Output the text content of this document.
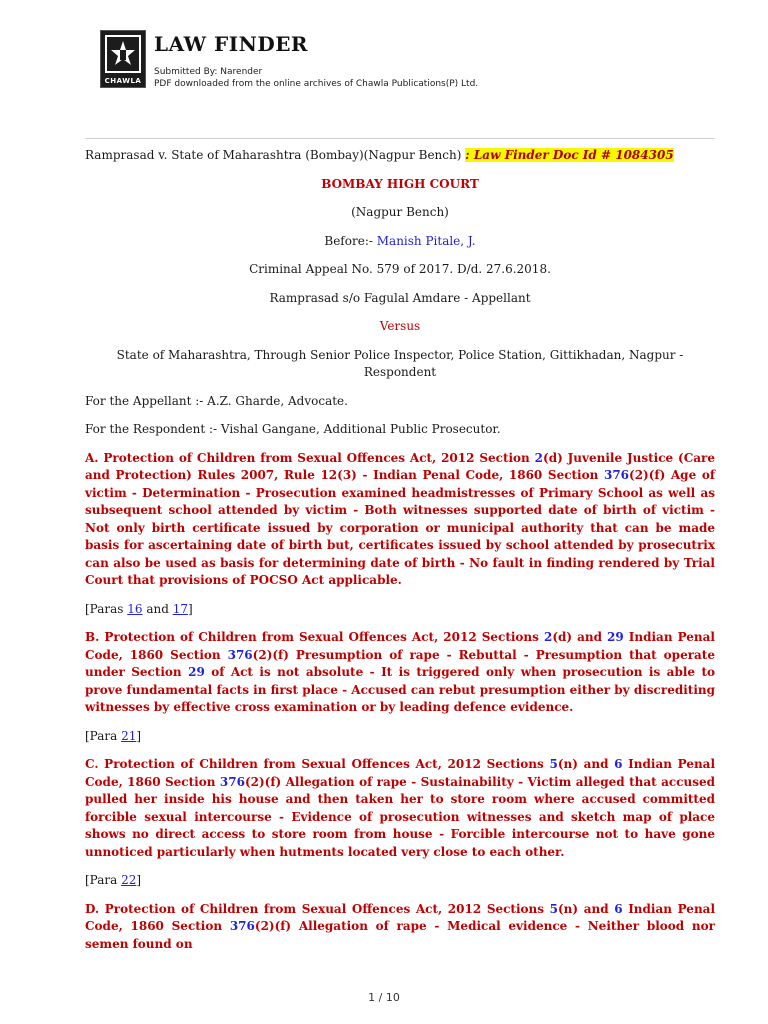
CHAWLA
LAW FINDER
Submitted By: Narender
PDF downloaded from the online archives of Chawla Publications(P) Ltd.

Ramprasad v. State of Maharashtra (Bombay)(Nagpur Bench) : Law Finder Doc Id # 1084305

BOMBAY HIGH COURT

(Nagpur Bench)

Before:- Manish Pitale, J.

Criminal Appeal No. 579 of 2017. D/d. 27.6.2018.

Ramprasad s/o Fagulal Amdare - Appellant

Versus

State of Maharashtra, Through Senior Police Inspector, Police Station, Gittikhadan, Nagpur - Respondent

For the Appellant :- A.Z. Gharde, Advocate.

For the Respondent :- Vishal Gangane, Additional Public Prosecutor.

A. Protection of Children from Sexual Offences Act, 2012 Section 2(d) Juvenile Justice (Care and Protection) Rules 2007, Rule 12(3) - Indian Penal Code, 1860 Section 376(2)(f) Age of victim - Determination - Prosecution examined headmistresses of Primary School as well as subsequent school attended by victim - Both witnesses supported date of birth of victim - Not only birth certificate issued by corporation or municipal authority that can be made basis for ascertaining date of birth but, certificates issued by school attended by prosecutrix can also be used as basis for determining date of birth - No fault in finding rendered by Trial Court that provisions of POCSO Act applicable.

[Paras 16 and 17]

B. Protection of Children from Sexual Offences Act, 2012 Sections 2(d) and 29 Indian Penal Code, 1860 Section 376(2)(f) Presumption of rape - Rebuttal - Presumption that operate under Section 29 of Act is not absolute - It is triggered only when prosecution is able to prove fundamental facts in first place - Accused can rebut presumption either by discrediting witnesses by effective cross examination or by leading defence evidence.

[Para 21]

C. Protection of Children from Sexual Offences Act, 2012 Sections 5(n) and 6 Indian Penal Code, 1860 Section 376(2)(f) Allegation of rape - Sustainability - Victim alleged that accused pulled her inside his house and then taken her to store room where accused committed forcible sexual intercourse - Evidence of prosecution witnesses and sketch map of place shows no direct access to store room from house - Forcible intercourse not to have gone unnoticed particularly when hutments located very close to each other.

[Para 22]

D. Protection of Children from Sexual Offences Act, 2012 Sections 5(n) and 6 Indian Penal Code, 1860 Section 376(2)(f) Allegation of rape - Medical evidence - Neither blood nor semen found on

1 / 10
